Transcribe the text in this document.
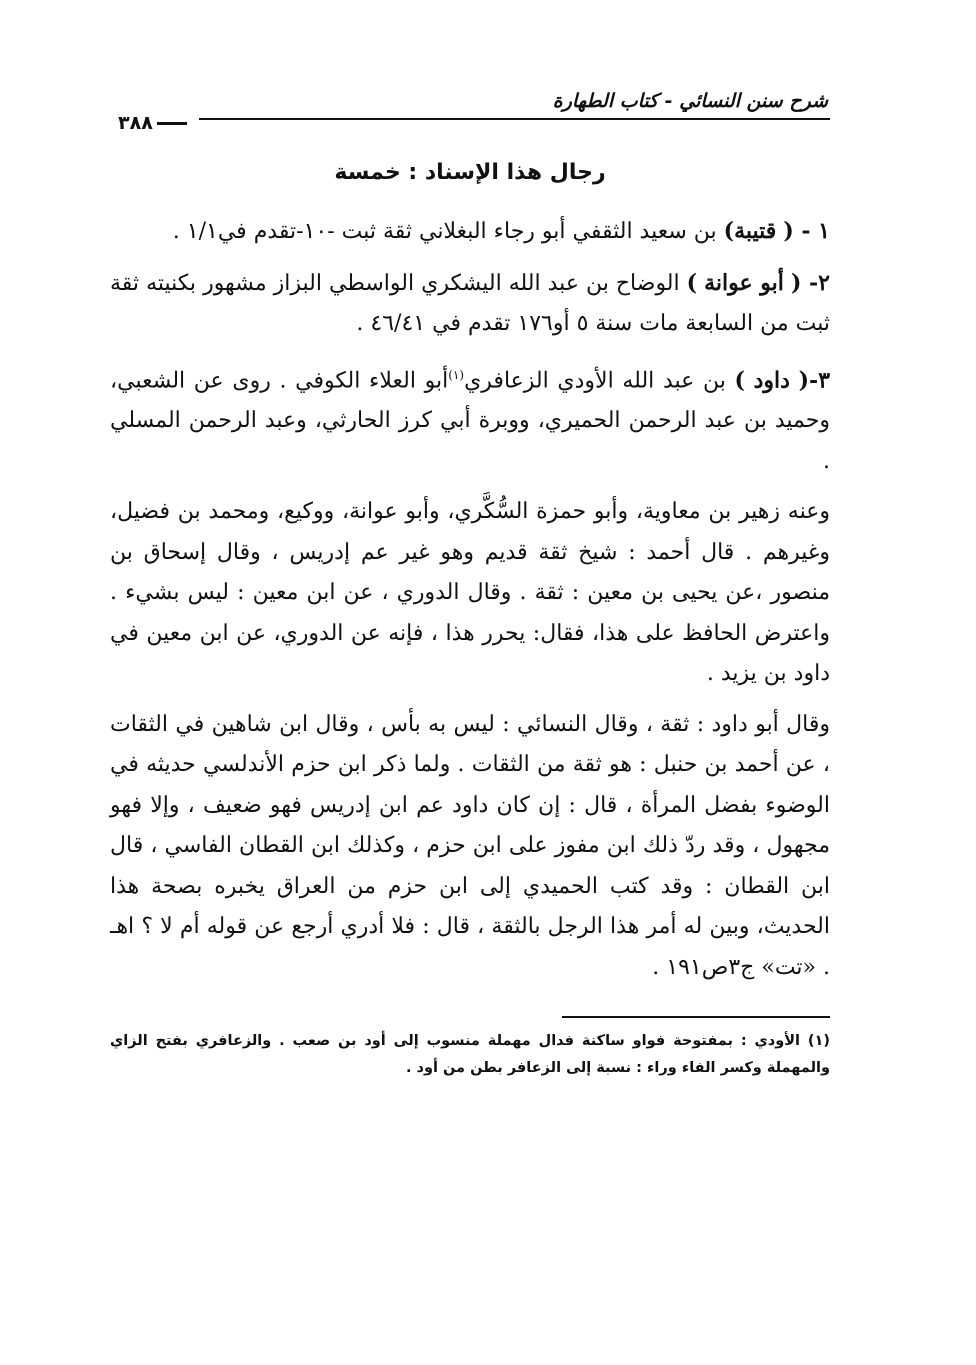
شرح سنن النسائي - كتاب الطهارة
٣٨٨
رجال هذا الإسناد : خمسة

١ - ( قتيبة) بن سعيد الثقفي أبو رجاء البغلاني ثقة ثبت -١٠-تقدم في١/١ .

٢- ( أبو عوانة ) الوضاح بن عبد الله اليشكري الواسطي البزاز مشهور بكنيته ثقة ثبت من السابعة مات سنة ٥ أو١٧٦ تقدم في ٤٦/٤١ .

٣-( داود ) بن عبد الله الأودي الزعافري$^{(١)}$أبو العلاء الكوفي . روى عن الشعبي، وحميد بن عبد الرحمن الحميري، ووبرة أبي كرز الحارثي، وعبد الرحمن المسلي .

وعنه زهير بن معاوية، وأبو حمزة السُّكَّري، وأبو عوانة، ووكيع، ومحمد بن فضيل، وغيرهم . قال أحمد : شيخ ثقة قديم وهو غير عم إدريس ، وقال إسحاق بن منصور ،عن يحيى بن معين : ثقة . وقال الدوري ، عن ابن معين : ليس بشيء . واعترض الحافظ على هذا، فقال: يحرر هذا ، فإنه عن الدوري، عن ابن معين في داود بن يزيد .

وقال أبو داود : ثقة ، وقال النسائي : ليس به بأس ، وقال ابن شاهين في الثقات ، عن أحمد بن حنبل : هو ثقة من الثقات . ولما ذكر ابن حزم الأندلسي حديثه في الوضوء بفضل المرأة ، قال : إن كان داود عم ابن إدريس فهو ضعيف ، وإلا فهو مجهول ، وقد ردّ ذلك ابن مفوز على ابن حزم ، وكذلك ابن القطان الفاسي ، قال ابن القطان : وقد كتب الحميدي إلى ابن حزم من العراق يخبره بصحة هذا الحديث، وبين له أمر هذا الرجل بالثقة ، قال : فلا أدري أرجع عن قوله أم لا ؟ اهـ . «تت» ج٣ص١٩١ .

(١) الأودي : بمفتوحة فواو ساكنة فدال مهملة منسوب إلى أود بن صعب . والزعافري بفتح الزاي والمهملة وكسر الفاء وراء : نسبة إلى الزعافر بطن من أود .
